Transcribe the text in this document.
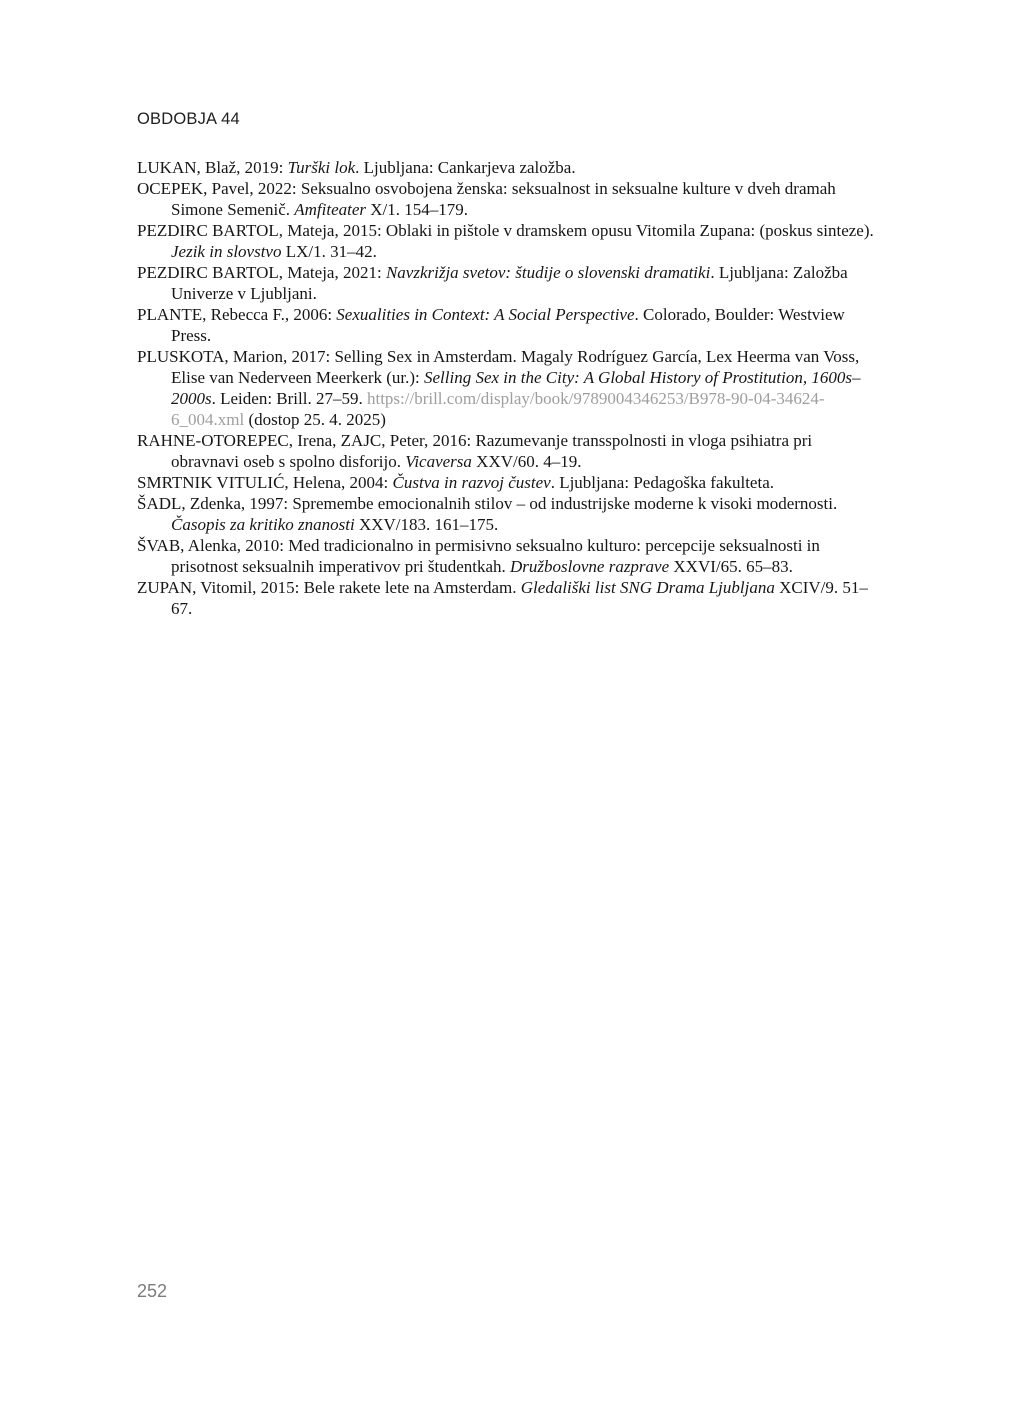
OBDOBJA 44

LUKAN, Blaž, 2019: Turški lok. Ljubljana: Cankarjeva založba.

OCEPEK, Pavel, 2022: Seksualno osvobojena ženska: seksualnost in seksualne kulture v dveh dramah Simone Semenič. Amfiteater X/1. 154–179.

PEZDIRC BARTOL, Mateja, 2015: Oblaki in pištole v dramskem opusu Vitomila Zupana: (poskus sinteze). Jezik in slovstvo LX/1. 31–42.

PEZDIRC BARTOL, Mateja, 2021: Navzkrižja svetov: študije o slovenski dramatiki. Ljubljana: Založba Univerze v Ljubljani.

PLANTE, Rebecca F., 2006: Sexualities in Context: A Social Perspective. Colorado, Boulder: Westview Press.

PLUSKOTA, Marion, 2017: Selling Sex in Amsterdam. Magaly Rodríguez García, Lex Heerma van Voss, Elise van Nederveen Meerkerk (ur.): Selling Sex in the City: A Global History of Prostitution, 1600s–2000s. Leiden: Brill. 27–59. https://brill.com/display/book/9789004346253/B978-90-04-34624-6_004.xml (dostop 25. 4. 2025)

RAHNE-OTOREPEC, Irena, ZAJC, Peter, 2016: Razumevanje transspolnosti in vloga psihiatra pri obravnavi oseb s spolno disforijo. Vicaversa XXV/60. 4–19.

SMRTNIK VITULIĆ, Helena, 2004: Čustva in razvoj čustev. Ljubljana: Pedagoška fakulteta.

ŠADL, Zdenka, 1997: Spremembe emocionalnih stilov – od industrijske moderne k visoki modernosti. Časopis za kritiko znanosti XXV/183. 161–175.

ŠVAB, Alenka, 2010: Med tradicionalno in permisivno seksualno kulturo: percepcije seksualnosti in prisotnost seksualnih imperativov pri študentkah. Družboslovne razprave XXVI/65. 65–83.

ZUPAN, Vitomil, 2015: Bele rakete lete na Amsterdam. Gledališki list SNG Drama Ljubljana XCIV/9. 51–67.

252
